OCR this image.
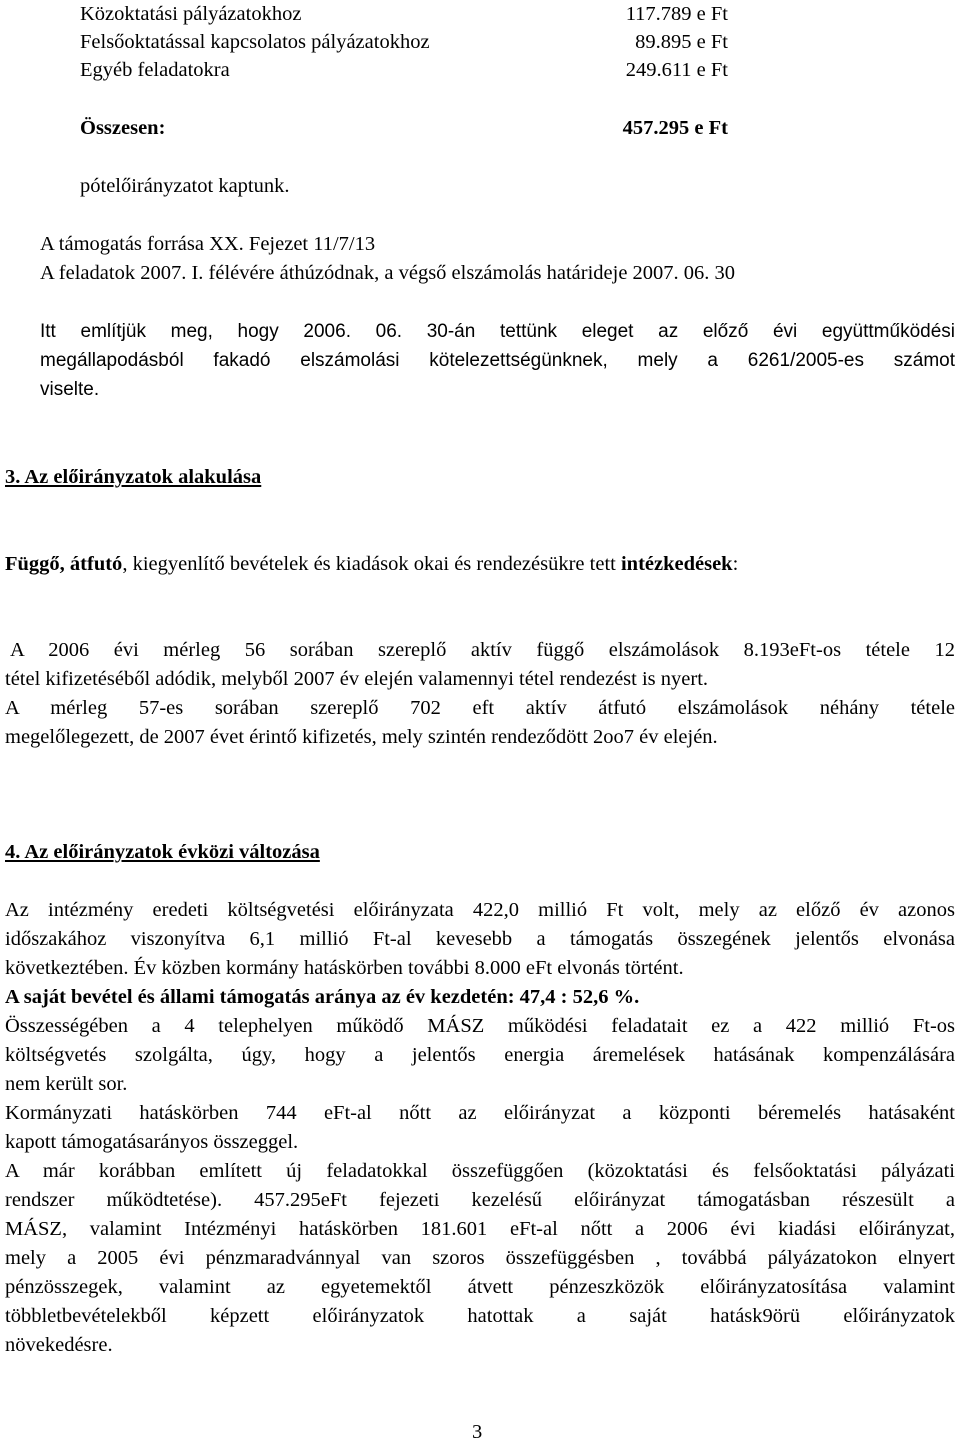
Közoktatási pályázatokhoz	117.789 e Ft
Felsőoktatással kapcsolatos pályázatokhoz	89.895 e Ft
Egyéb feladatokra	249.611 e Ft
Összesen:	457.295 e Ft
pótelőirányzatot kaptunk.
A támogatás forrása XX. Fejezet 11/7/13
A feladatok 2007. I. félévére áthúzódnak, a végső elszámolás határideje 2007. 06. 30
Itt említjük meg, hogy 2006. 06. 30-án tettünk eleget az előző évi együttműködési
megállapodásból fakadó elszámolási kötelezettségünknek, mely a 6261/2005-es számot
viselte.
3. Az előirányzatok alakulása
Függő, átfutó, kiegyenlítő bevételek és kiadások okai és rendezésükre tett intézkedések:
A 2006 évi mérleg 56 sorában szereplő aktív függő elszámolások 8.193eFt-os tétele 12
tétel kifizetéséből adódik, melyből 2007 év elején valamennyi tétel rendezést is nyert.
A mérleg 57-es sorában szereplő 702 eft aktív átfutó elszámolások néhány tétele
megelőlegezett, de 2007 évet érintő kifizetés, mely szintén rendeződött 2oo7 év elején.
4. Az előirányzatok évközi változása
Az intézmény eredeti költségvetési előirányzata 422,0 millió Ft volt, mely az előző év azonos
időszakához viszonyítva 6,1 millió Ft-al kevesebb a támogatás összegének jelentős elvonása
következtében. Év közben kormány hatáskörben további 8.000 eFt elvonás történt.
A saját bevétel és állami támogatás aránya az év kezdetén: 47,4 : 52,6 %.
Összességében a 4 telephelyen működő MÁSZ működési feladatait ez a 422 millió Ft-os
költségvetés szolgálta, úgy, hogy a jelentős energia áremelések hatásának kompenzálására
nem került sor.
Kormányzati hatáskörben 744 eFt-al nőtt az előirányzat a központi béremelés hatásaként
kapott támogatásarányos összeggel.
A már korábban említett új feladatokkal összefüggően (közoktatási és felsőoktatási pályázati
rendszer működtetése). 457.295eFt fejezeti kezelésű előirányzat támogatásban részesült a
MÁSZ, valamint Intézményi hatáskörben 181.601 eFt-al nőtt a 2006 évi kiadási előirányzat,
mely a 2005 évi pénzmaradvánnyal van szoros összefüggésben , továbbá pályázatokon elnyert
pénzösszegek, valamint az egyetemektől átvett pénzeszközök előirányzatosítása valamint
többletbevételekből képzett előirányzatok hatottak a saját hatásk9örü előirányzatok
növekedésre.
3
